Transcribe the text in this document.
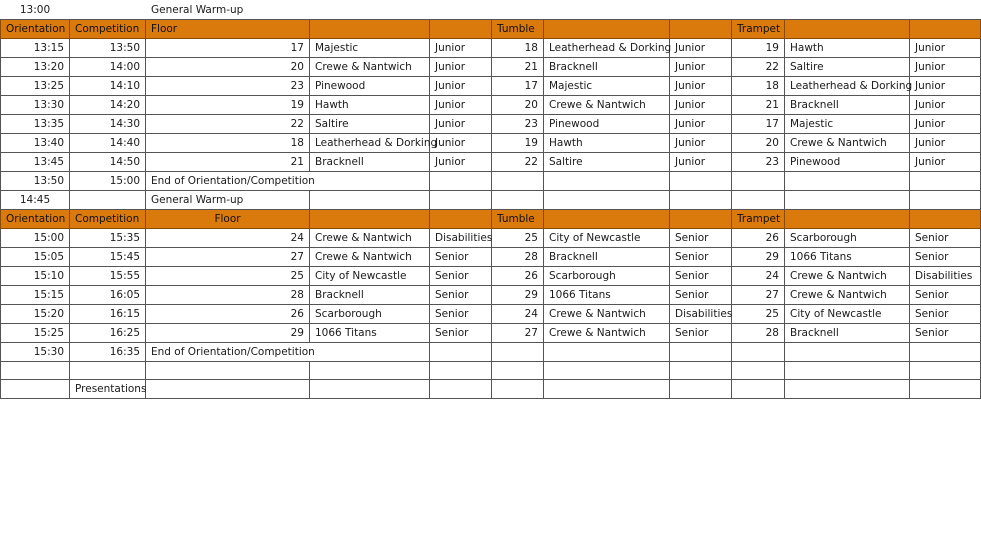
13:00		General Warm-up								
Orientation	Competition	Floor			Tumble			Trampet		
13:15	13:50	17	Majestic	Junior	18	Leatherhead & Dorking	Junior	19	Hawth	Junior
13:20	14:00	20	Crewe & Nantwich	Junior	21	Bracknell	Junior	22	Saltire	Junior
13:25	14:10	23	Pinewood	Junior	17	Majestic	Junior	18	Leatherhead & Dorking	Junior
13:30	14:20	19	Hawth	Junior	20	Crewe & Nantwich	Junior	21	Bracknell	Junior
13:35	14:30	22	Saltire	Junior	23	Pinewood	Junior	17	Majestic	Junior
13:40	14:40	18	Leatherhead & Dorking	Junior	19	Hawth	Junior	20	Crewe & Nantwich	Junior
13:45	14:50	21	Bracknell	Junior	22	Saltire	Junior	23	Pinewood	Junior
13:50	15:00	End of Orientation/Competition								
14:45		General Warm-up								
Orientation	Competition	Floor			Tumble			Trampet		
15:00	15:35	24	Crewe & Nantwich	Disabilities	25	City of Newcastle	Senior	26	Scarborough	Senior
15:05	15:45	27	Crewe & Nantwich	Senior	28	Bracknell	Senior	29	1066 Titans	Senior
15:10	15:55	25	City of Newcastle	Senior	26	Scarborough	Senior	24	Crewe & Nantwich	Disabilities
15:15	16:05	28	Bracknell	Senior	29	1066 Titans	Senior	27	Crewe & Nantwich	Senior
15:20	16:15	26	Scarborough	Senior	24	Crewe & Nantwich	Disabilities	25	City of Newcastle	Senior
15:25	16:25	29	1066 Titans	Senior	27	Crewe & Nantwich	Senior	28	Bracknell	Senior
15:30	16:35	End of Orientation/Competition								

	Presentations									
